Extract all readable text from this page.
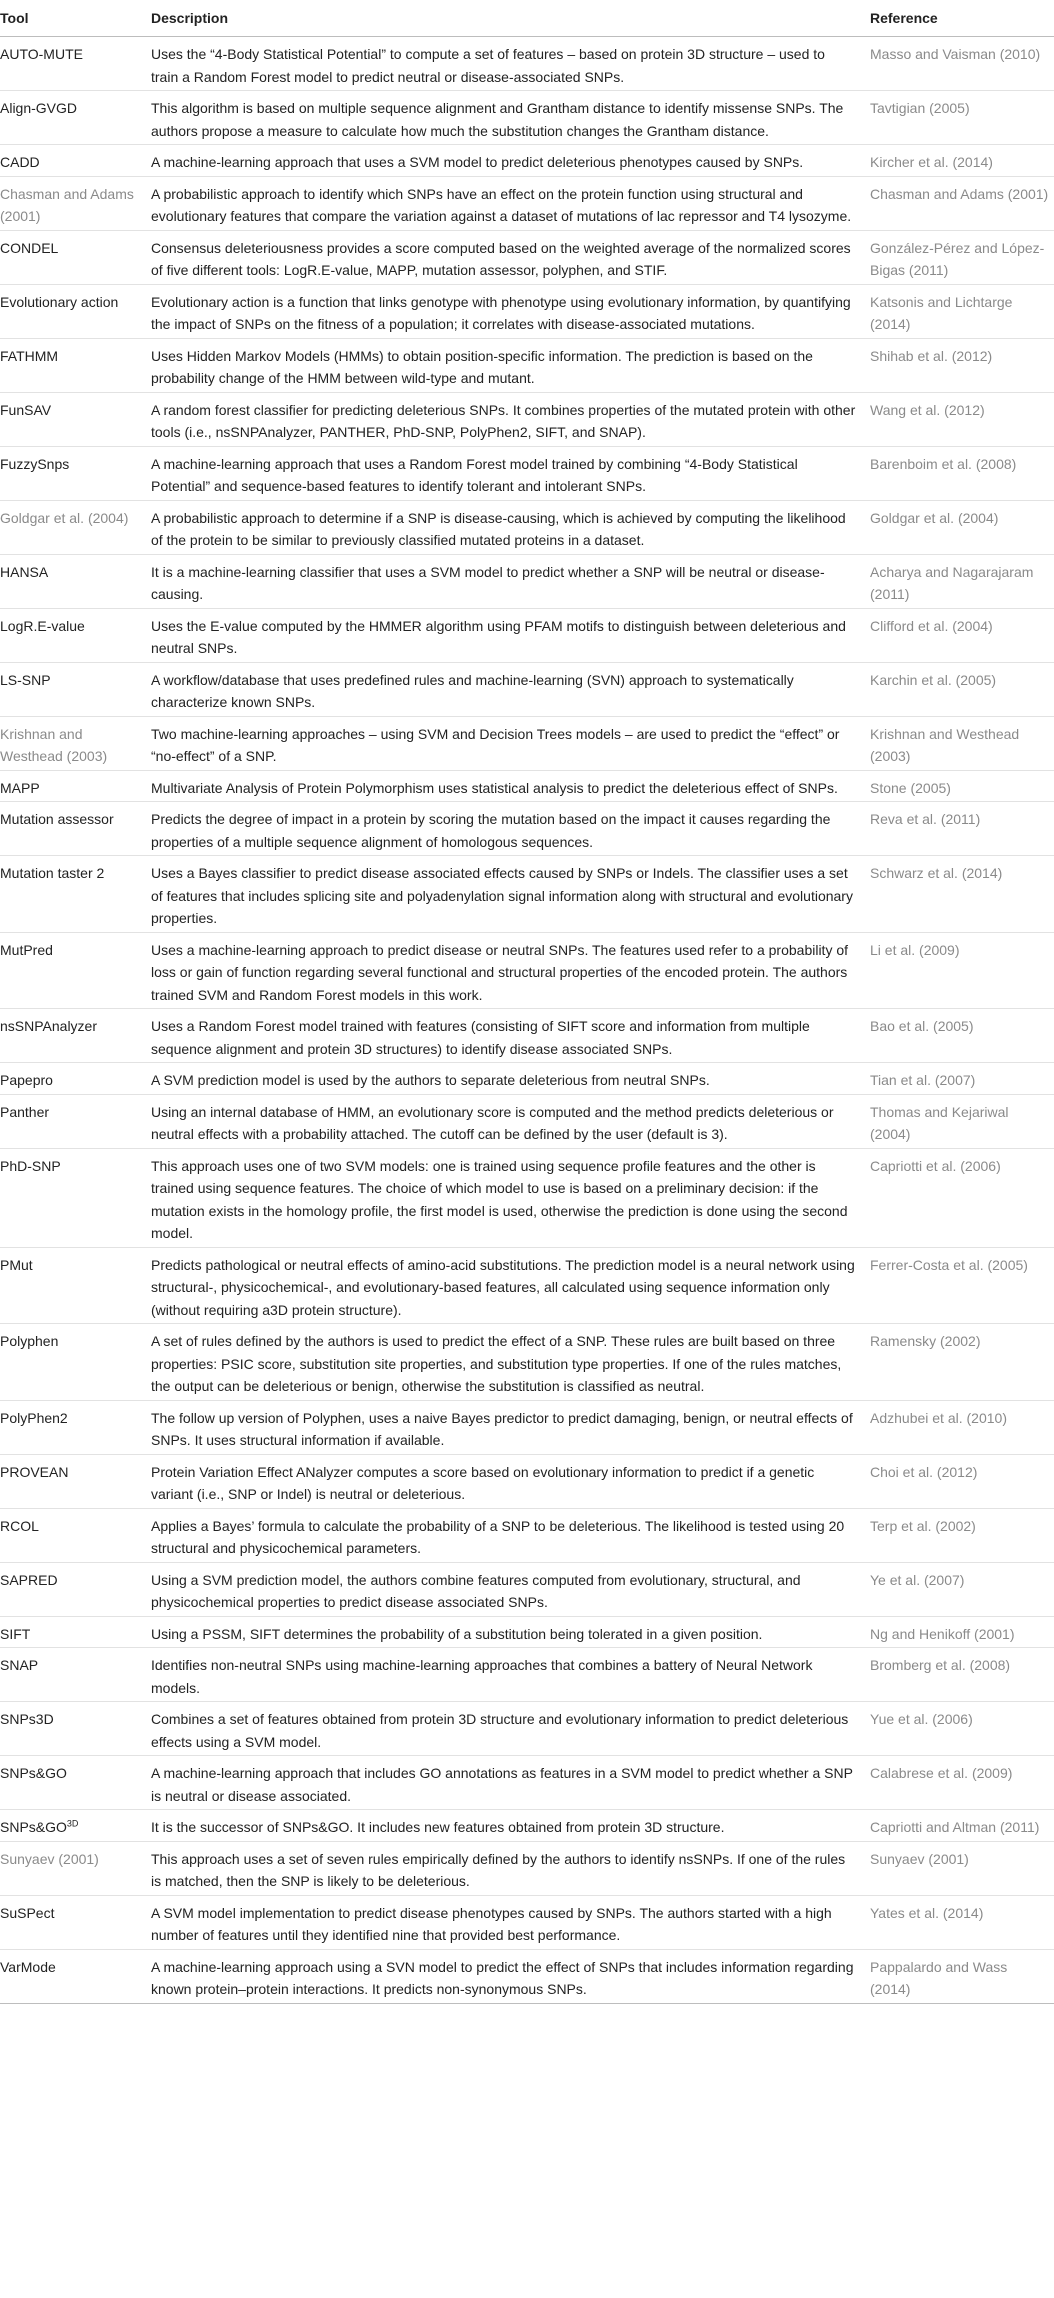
Tool	Description	Reference
AUTO-MUTE	Uses the “4-Body Statistical Potential” to compute a set of features – based on protein 3D structure – used to train a Random Forest model to predict neutral or disease-associated SNPs.	Masso and Vaisman (2010)
Align-GVGD	This algorithm is based on multiple sequence alignment and Grantham distance to identify missense SNPs. The authors propose a measure to calculate how much the substitution changes the Grantham distance.	Tavtigian (2005)
CADD	A machine-learning approach that uses a SVM model to predict deleterious phenotypes caused by SNPs.	Kircher et al. (2014)
Chasman and Adams (2001)	A probabilistic approach to identify which SNPs have an effect on the protein function using structural and evolutionary features that compare the variation against a dataset of mutations of lac repressor and T4 lysozyme.	Chasman and Adams (2001)
CONDEL	Consensus deleteriousness provides a score computed based on the weighted average of the normalized scores of five different tools: LogR.E-value, MAPP, mutation assessor, polyphen, and STIF.	González-Pérez and López-Bigas (2011)
Evolutionary action	Evolutionary action is a function that links genotype with phenotype using evolutionary information, by quantifying the impact of SNPs on the fitness of a population; it correlates with disease-associated mutations.	Katsonis and Lichtarge (2014)
FATHMM	Uses Hidden Markov Models (HMMs) to obtain position-specific information. The prediction is based on the probability change of the HMM between wild-type and mutant.	Shihab et al. (2012)
FunSAV	A random forest classifier for predicting deleterious SNPs. It combines properties of the mutated protein with other tools (i.e., nsSNPAnalyzer, PANTHER, PhD-SNP, PolyPhen2, SIFT, and SNAP).	Wang et al. (2012)
FuzzySnps	A machine-learning approach that uses a Random Forest model trained by combining “4-Body Statistical Potential” and sequence-based features to identify tolerant and intolerant SNPs.	Barenboim et al. (2008)
Goldgar et al. (2004)	A probabilistic approach to determine if a SNP is disease-causing, which is achieved by computing the likelihood of the protein to be similar to previously classified mutated proteins in a dataset.	Goldgar et al. (2004)
HANSA	It is a machine-learning classifier that uses a SVM model to predict whether a SNP will be neutral or disease-causing.	Acharya and Nagarajaram (2011)
LogR.E-value	Uses the E-value computed by the HMMER algorithm using PFAM motifs to distinguish between deleterious and neutral SNPs.	Clifford et al. (2004)
LS-SNP	A workflow/database that uses predefined rules and machine-learning (SVN) approach to systematically characterize known SNPs.	Karchin et al. (2005)
Krishnan and Westhead (2003)	Two machine-learning approaches – using SVM and Decision Trees models – are used to predict the “effect” or “no-effect” of a SNP.	Krishnan and Westhead (2003)
MAPP	Multivariate Analysis of Protein Polymorphism uses statistical analysis to predict the deleterious effect of SNPs.	Stone (2005)
Mutation assessor	Predicts the degree of impact in a protein by scoring the mutation based on the impact it causes regarding the properties of a multiple sequence alignment of homologous sequences.	Reva et al. (2011)
Mutation taster 2	Uses a Bayes classifier to predict disease associated effects caused by SNPs or Indels. The classifier uses a set of features that includes splicing site and polyadenylation signal information along with structural and evolutionary properties.	Schwarz et al. (2014)
MutPred	Uses a machine-learning approach to predict disease or neutral SNPs. The features used refer to a probability of loss or gain of function regarding several functional and structural properties of the encoded protein. The authors trained SVM and Random Forest models in this work.	Li et al. (2009)
nsSNPAnalyzer	Uses a Random Forest model trained with features (consisting of SIFT score and information from multiple sequence alignment and protein 3D structures) to identify disease associated SNPs.	Bao et al. (2005)
Papepro	A SVM prediction model is used by the authors to separate deleterious from neutral SNPs.	Tian et al. (2007)
Panther	Using an internal database of HMM, an evolutionary score is computed and the method predicts deleterious or neutral effects with a probability attached. The cutoff can be defined by the user (default is 3).	Thomas and Kejariwal (2004)
PhD-SNP	This approach uses one of two SVM models: one is trained using sequence profile features and the other is trained using sequence features. The choice of which model to use is based on a preliminary decision: if the mutation exists in the homology profile, the first model is used, otherwise the prediction is done using the second model.	Capriotti et al. (2006)
PMut	Predicts pathological or neutral effects of amino-acid substitutions. The prediction model is a neural network using structural-, physicochemical-, and evolutionary-based features, all calculated using sequence information only (without requiring a3D protein structure).	Ferrer-Costa et al. (2005)
Polyphen	A set of rules defined by the authors is used to predict the effect of a SNP. These rules are built based on three properties: PSIC score, substitution site properties, and substitution type properties. If one of the rules matches, the output can be deleterious or benign, otherwise the substitution is classified as neutral.	Ramensky (2002)
PolyPhen2	The follow up version of Polyphen, uses a naive Bayes predictor to predict damaging, benign, or neutral effects of SNPs. It uses structural information if available.	Adzhubei et al. (2010)
PROVEAN	Protein Variation Effect ANalyzer computes a score based on evolutionary information to predict if a genetic variant (i.e., SNP or Indel) is neutral or deleterious.	Choi et al. (2012)
RCOL	Applies a Bayes’ formula to calculate the probability of a SNP to be deleterious. The likelihood is tested using 20 structural and physicochemical parameters.	Terp et al. (2002)
SAPRED	Using a SVM prediction model, the authors combine features computed from evolutionary, structural, and physicochemical properties to predict disease associated SNPs.	Ye et al. (2007)
SIFT	Using a PSSM, SIFT determines the probability of a substitution being tolerated in a given position.	Ng and Henikoff (2001)
SNAP	Identifies non-neutral SNPs using machine-learning approaches that combines a battery of Neural Network models.	Bromberg et al. (2008)
SNPs3D	Combines a set of features obtained from protein 3D structure and evolutionary information to predict deleterious effects using a SVM model.	Yue et al. (2006)
SNPs&GO	A machine-learning approach that includes GO annotations as features in a SVM model to predict whether a SNP is neutral or disease associated.	Calabrese et al. (2009)
$SNPs\&GO^{3D}$	It is the successor of SNPs&GO. It includes new features obtained from protein 3D structure.	Capriotti and Altman (2011)
Sunyaev (2001)	This approach uses a set of seven rules empirically defined by the authors to identify nsSNPs. If one of the rules is matched, then the SNP is likely to be deleterious.	Sunyaev (2001)
SuSPect	A SVM model implementation to predict disease phenotypes caused by SNPs. The authors started with a high number of features until they identified nine that provided best performance.	Yates et al. (2014)
VarMode	A machine-learning approach using a SVN model to predict the effect of SNPs that includes information regarding known protein–protein interactions. It predicts non-synonymous SNPs.	Pappalardo and Wass (2014)
